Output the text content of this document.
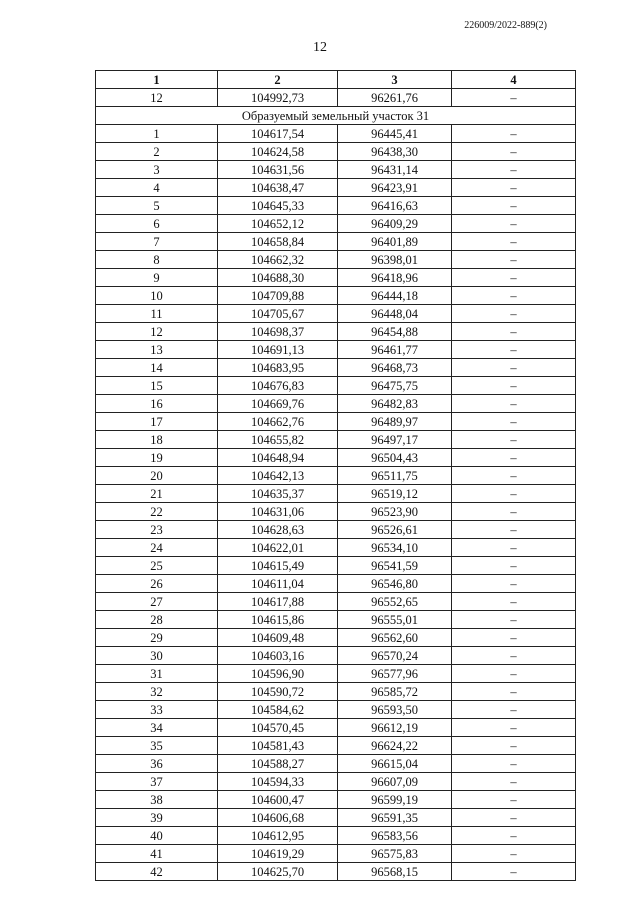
226009/2022-889(2)
12
1	2	3	4
12	104992,73	96261,76	–
Образуемый земельный участок 31			
1	104617,54	96445,41	–
2	104624,58	96438,30	–
3	104631,56	96431,14	–
4	104638,47	96423,91	–
5	104645,33	96416,63	–
6	104652,12	96409,29	–
7	104658,84	96401,89	–
8	104662,32	96398,01	–
9	104688,30	96418,96	–
10	104709,88	96444,18	–
11	104705,67	96448,04	–
12	104698,37	96454,88	–
13	104691,13	96461,77	–
14	104683,95	96468,73	–
15	104676,83	96475,75	–
16	104669,76	96482,83	–
17	104662,76	96489,97	–
18	104655,82	96497,17	–
19	104648,94	96504,43	–
20	104642,13	96511,75	–
21	104635,37	96519,12	–
22	104631,06	96523,90	–
23	104628,63	96526,61	–
24	104622,01	96534,10	–
25	104615,49	96541,59	–
26	104611,04	96546,80	–
27	104617,88	96552,65	–
28	104615,86	96555,01	–
29	104609,48	96562,60	–
30	104603,16	96570,24	–
31	104596,90	96577,96	–
32	104590,72	96585,72	–
33	104584,62	96593,50	–
34	104570,45	96612,19	–
35	104581,43	96624,22	–
36	104588,27	96615,04	–
37	104594,33	96607,09	–
38	104600,47	96599,19	–
39	104606,68	96591,35	–
40	104612,95	96583,56	–
41	104619,29	96575,83	–
42	104625,70	96568,15	–
